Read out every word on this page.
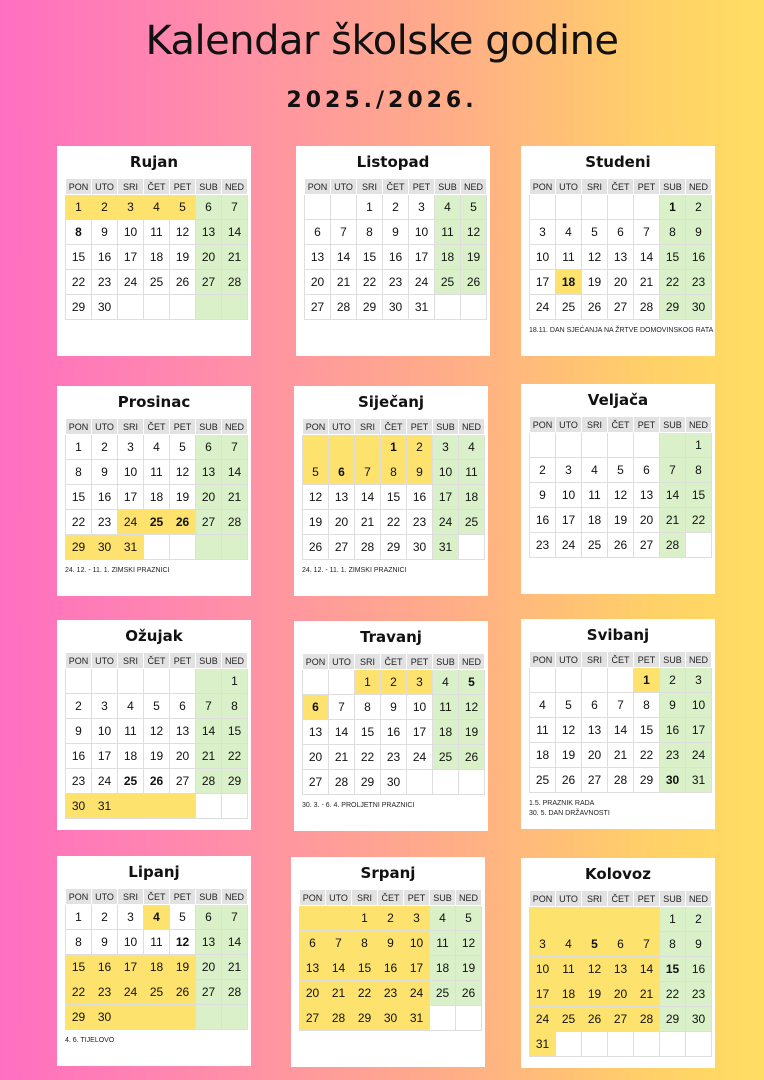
Kalendar školske godine
2025./2026.
Rujan
PON	UTO	SRI	ČET	PET	SUB	NED
1	2	3	4	5	6	7
8	9	10	11	12	13	14
15	16	17	18	19	20	21
22	23	24	25	26	27	28
29	30					
Listopad
PON	UTO	SRI	ČET	PET	SUB	NED
		1	2	3	4	5
6	7	8	9	10	11	12
13	14	15	16	17	18	19
20	21	22	23	24	25	26
27	28	29	30	31		
Studeni
PON	UTO	SRI	ČET	PET	SUB	NED
					1	2
3	4	5	6	7	8	9
10	11	12	13	14	15	16
17	18	19	20	21	22	23
24	25	26	27	28	29	30
18.11. DAN SJEĆANJA NA ŽRTVE DOMOVINSKOG RATA
Prosinac
PON	UTO	SRI	ČET	PET	SUB	NED
1	2	3	4	5	6	7
8	9	10	11	12	13	14
15	16	17	18	19	20	21
22	23	24	25	26	27	28
29	30	31				
24. 12. - 11. 1. ZIMSKI PRAZNICI
Siječanj
PON	UTO	SRI	ČET	PET	SUB	NED
			1	2	3	4
5	6	7	8	9	10	11
12	13	14	15	16	17	18
19	20	21	22	23	24	25
26	27	28	29	30	31	
24. 12. - 11. 1. ZIMSKI PRAZNICI
Veljača
PON	UTO	SRI	ČET	PET	SUB	NED
						1
2	3	4	5	6	7	8
9	10	11	12	13	14	15
16	17	18	19	20	21	22
23	24	25	26	27	28	
Ožujak
PON	UTO	SRI	ČET	PET	SUB	NED
						1
2	3	4	5	6	7	8
9	10	11	12	13	14	15
16	17	18	19	20	21	22
23	24	25	26	27	28	29
30	31					
Travanj
PON	UTO	SRI	ČET	PET	SUB	NED
		1	2	3	4	5
6	7	8	9	10	11	12
13	14	15	16	17	18	19
20	21	22	23	24	25	26
27	28	29	30			
30. 3. - 6. 4. PROLJETNI PRAZNICI
Svibanj
PON	UTO	SRI	ČET	PET	SUB	NED
				1	2	3
4	5	6	7	8	9	10
11	12	13	14	15	16	17
18	19	20	21	22	23	24
25	26	27	28	29	30	31
1.5. PRAZNIK RADA
30. 5. DAN DRŽAVNOSTI
Lipanj
PON	UTO	SRI	ČET	PET	SUB	NED
1	2	3	4	5	6	7
8	9	10	11	12	13	14
15	16	17	18	19	20	21
22	23	24	25	26	27	28
29	30					
4. 6. TIJELOVO
Srpanj
PON	UTO	SRI	ČET	PET	SUB	NED
		1	2	3	4	5
6	7	8	9	10	11	12
13	14	15	16	17	18	19
20	21	22	23	24	25	26
27	28	29	30	31		
Kolovoz
PON	UTO	SRI	ČET	PET	SUB	NED
					1	2
3	4	5	6	7	8	9
10	11	12	13	14	15	16
17	18	19	20	21	22	23
24	25	26	27	28	29	30
31						
